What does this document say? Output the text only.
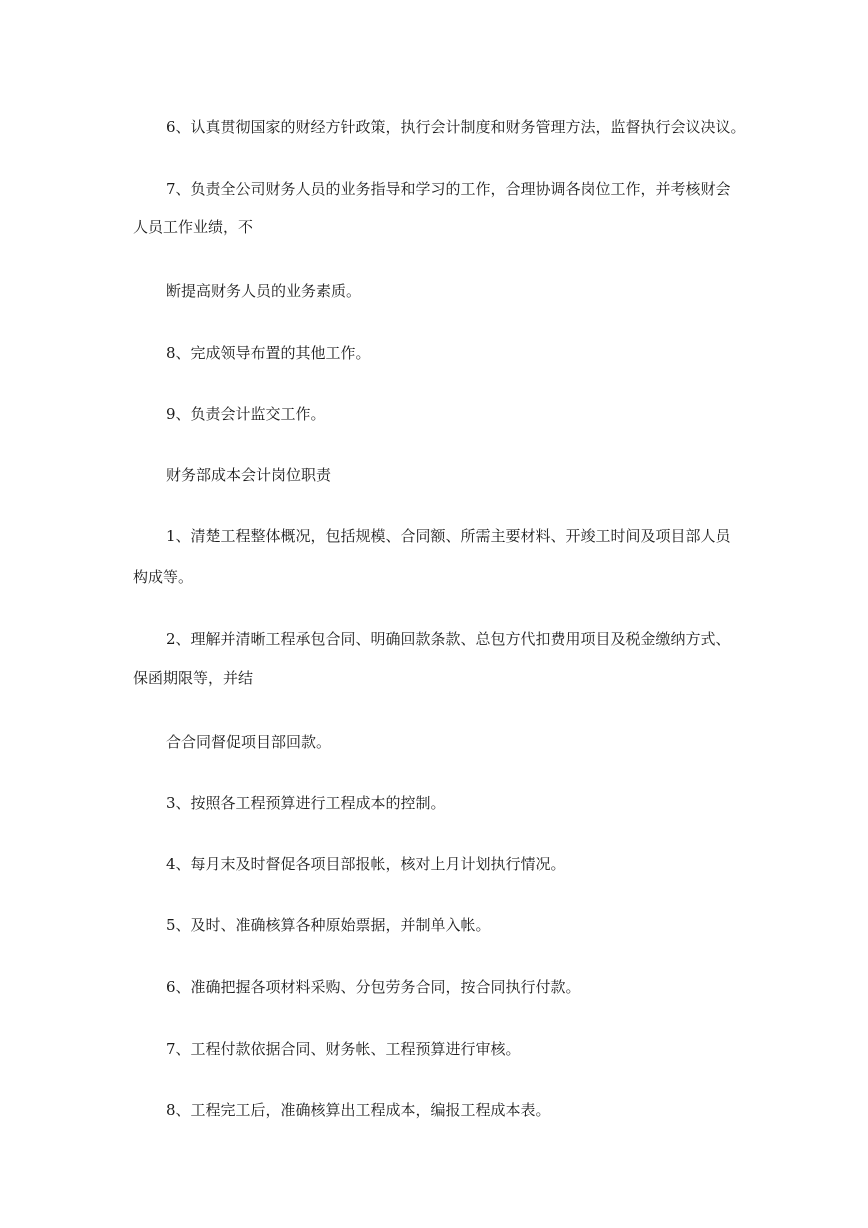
6、认真贯彻国家的财经方针政策，执行会计制度和财务管理方法，监督执行会议决议。
7、负责全公司财务人员的业务指导和学习的工作，合理协调各岗位工作，并考核财会
人员工作业绩，不
断提高财务人员的业务素质。
8、完成领导布置的其他工作。
9、负责会计监交工作。
财务部成本会计岗位职责
1、清楚工程整体概况，包括规模、合同额、所需主要材料、开竣工时间及项目部人员
构成等。
2、理解并清晰工程承包合同、明确回款条款、总包方代扣费用项目及税金缴纳方式、
保函期限等，并结
合合同督促项目部回款。
3、按照各工程预算进行工程成本的控制。
4、每月末及时督促各项目部报帐，核对上月计划执行情况。
5、及时、准确核算各种原始票据，并制单入帐。
6、准确把握各项材料采购、分包劳务合同，按合同执行付款。
7、工程付款依据合同、财务帐、工程预算进行审核。
8、工程完工后，准确核算出工程成本，编报工程成本表。
